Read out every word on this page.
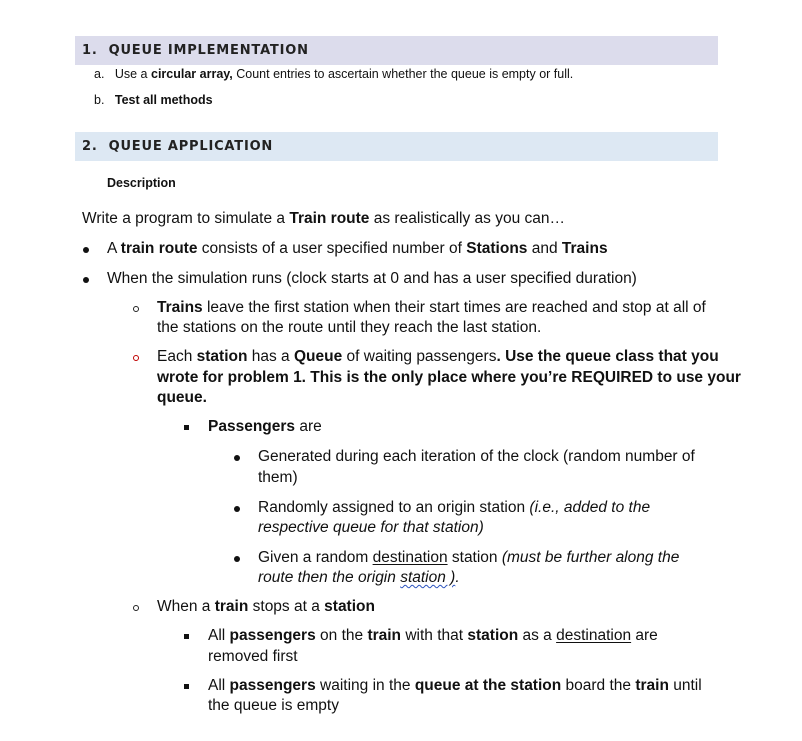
1. QUEUE IMPLEMENTATION
a. Use a circular array, Count entries to ascertain whether the queue is empty or full.
b. Test all methods
2. QUEUE APPLICATION
Description
Write a program to simulate a Train route as realistically as you can…
A train route consists of a user specified number of Stations and Trains
When the simulation runs (clock starts at 0 and has a user specified duration)
Trains leave the first station when their start times are reached and stop at all of
the stations on the route until they reach the last station.
Each station has a Queue of waiting passengers. Use the queue class that you
wrote for problem 1. This is the only place where you’re REQUIRED to use your
queue.
Passengers are
Generated during each iteration of the clock (random number of
them)
Randomly assigned to an origin station (i.e., added to the
respective queue for that station)
Given a random destination station (must be further along the
route then the origin station ).
When a train stops at a station
All passengers on the train with that station as a destination are
removed first
All passengers waiting in the queue at the station board the train until
the queue is empty
